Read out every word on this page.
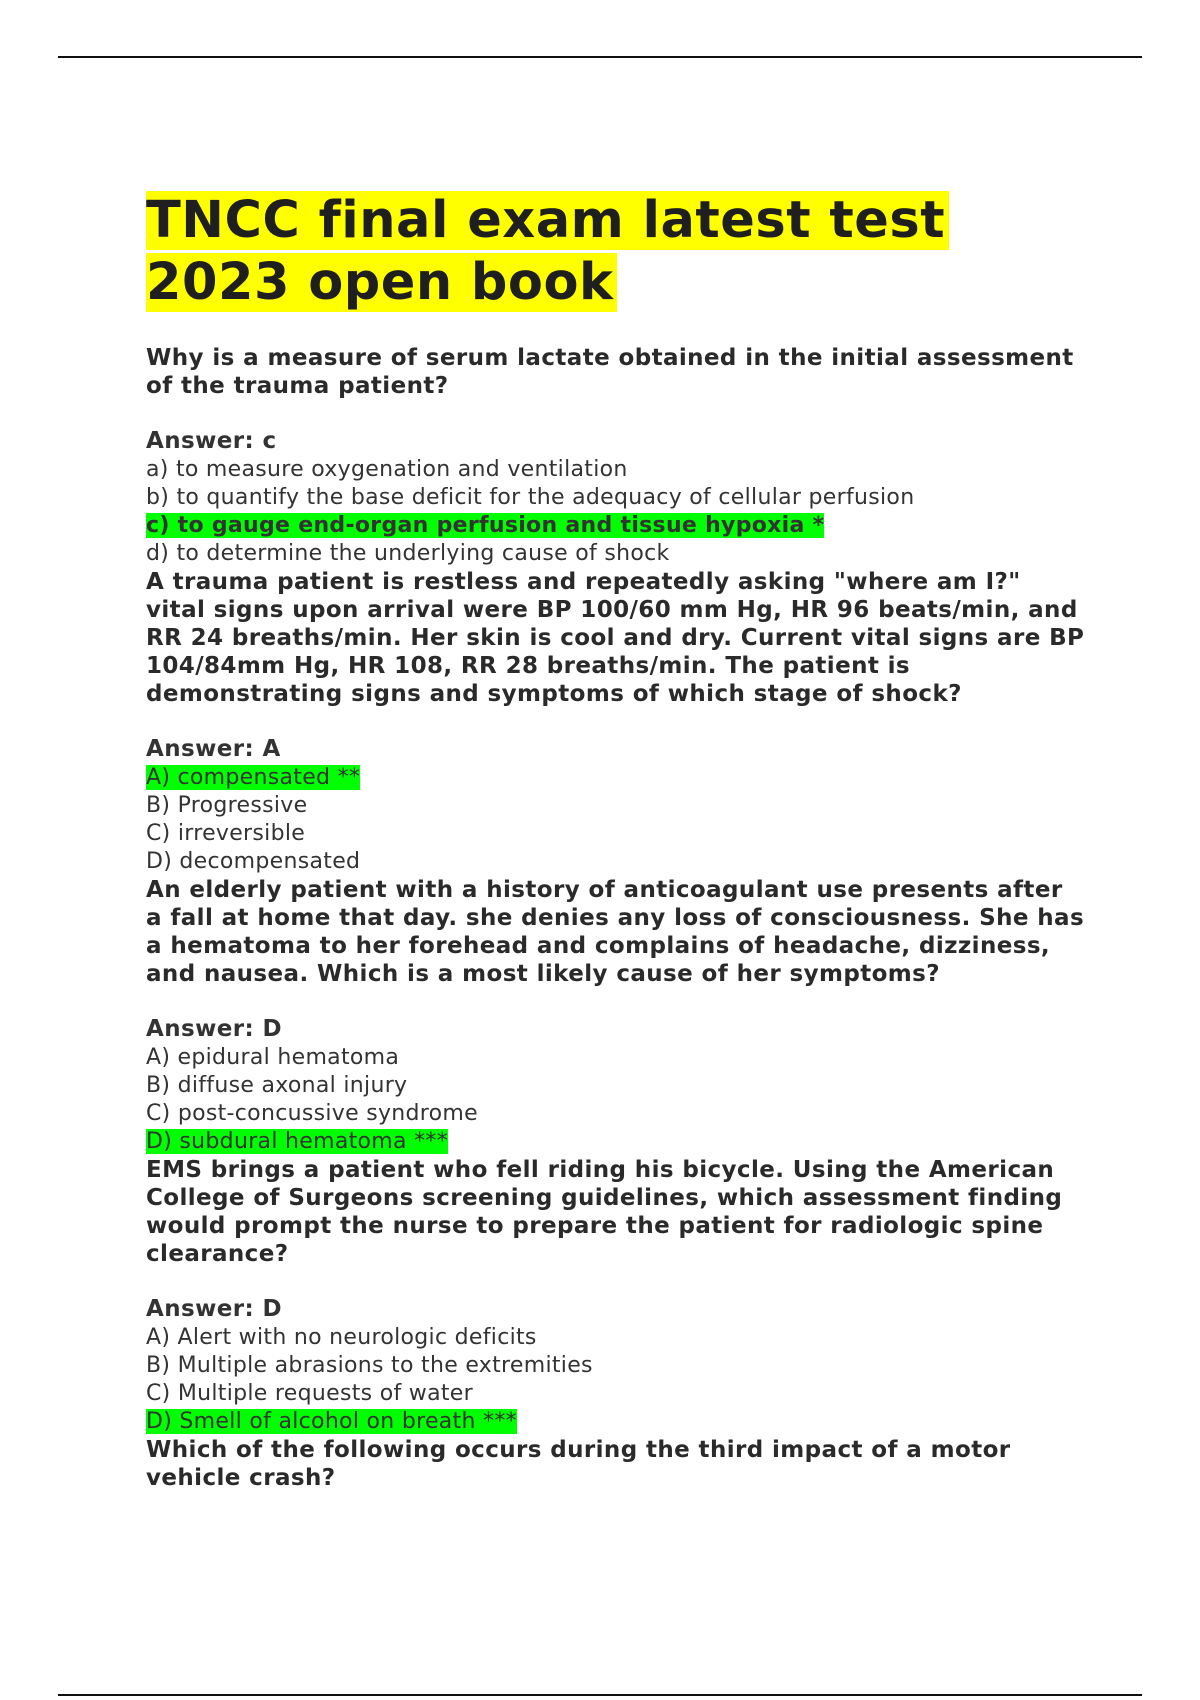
TNCC final exam latest test
2023 open book
Why is a measure of serum lactate obtained in the initial assessment of the trauma patient?
Answer: c
a) to measure oxygenation and ventilation
b) to quantify the base deficit for the adequacy of cellular perfusion
c) to gauge end-organ perfusion and tissue hypoxia *
d) to determine the underlying cause of shock
A trauma patient is restless and repeatedly asking "where am I?" vital signs upon arrival were BP 100/60 mm Hg, HR 96 beats/min, and RR 24 breaths/min. Her skin is cool and dry. Current vital signs are BP 104/84mm Hg, HR 108, RR 28 breaths/min. The patient is demonstrating signs and symptoms of which stage of shock?
Answer: A
A) compensated **
B) Progressive
C) irreversible
D) decompensated
An elderly patient with a history of anticoagulant use presents after a fall at home that day. she denies any loss of consciousness. She has a hematoma to her forehead and complains of headache, dizziness, and nausea. Which is a most likely cause of her symptoms?
Answer: D
A) epidural hematoma
B) diffuse axonal injury
C) post-concussive syndrome
D) subdural hematoma ***
EMS brings a patient who fell riding his bicycle. Using the American College of Surgeons screening guidelines, which assessment finding would prompt the nurse to prepare the patient for radiologic spine clearance?
Answer: D
A) Alert with no neurologic deficits
B) Multiple abrasions to the extremities
C) Multiple requests of water
D) Smell of alcohol on breath ***
Which of the following occurs during the third impact of a motor vehicle crash?
